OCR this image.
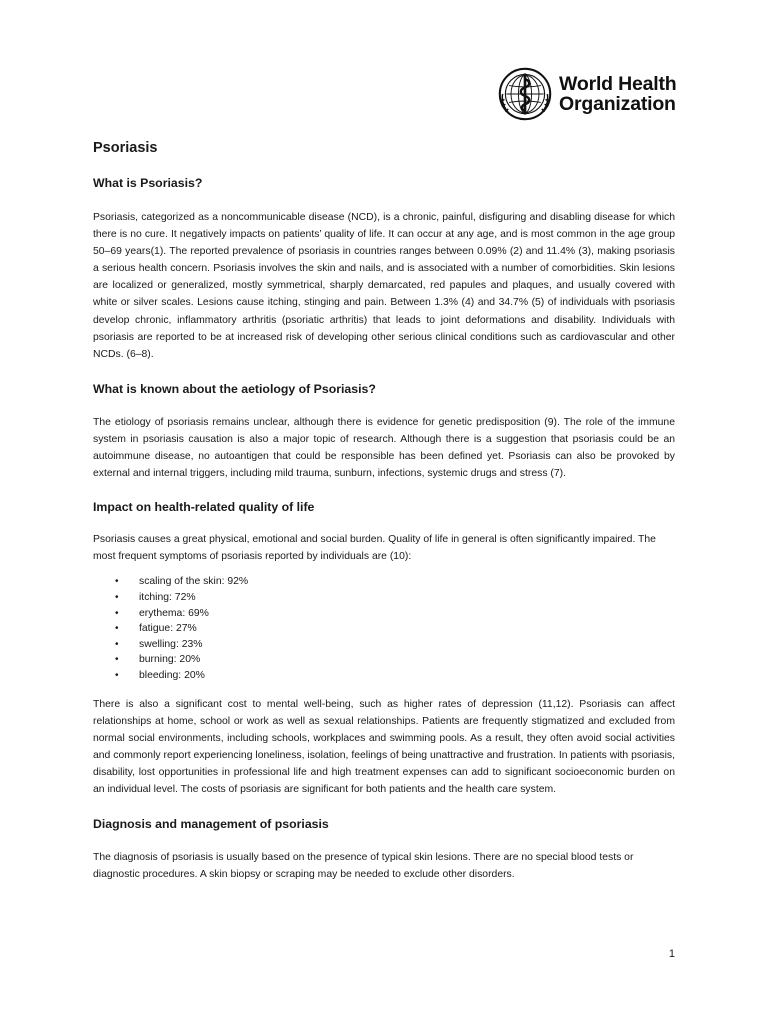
World Health
Organization
Psoriasis
What is Psoriasis?

Psoriasis, categorized as a noncommunicable disease (NCD), is a chronic, painful, disfiguring and disabling disease for which there is no cure. It negatively impacts on patients’ quality of life. It can occur at any age, and is most common in the age group 50–69 years(1). The reported prevalence of psoriasis in countries ranges between 0.09% (2) and 11.4% (3), making psoriasis a serious health concern. Psoriasis involves the skin and nails, and is associated with a number of comorbidities. Skin lesions are localized or generalized, mostly symmetrical, sharply demarcated, red papules and plaques, and usually covered with white or silver scales. Lesions cause itching, stinging and pain. Between 1.3% (4) and 34.7% (5) of individuals with psoriasis develop chronic, inflammatory arthritis (psoriatic arthritis) that leads to joint deformations and disability. Individuals with psoriasis are reported to be at increased risk of developing other serious clinical conditions such as cardiovascular and other NCDs. (6–8).

What is known about the aetiology of Psoriasis?

The etiology of psoriasis remains unclear, although there is evidence for genetic predisposition (9). The role of the immune system in psoriasis causation is also a major topic of research. Although there is a suggestion that psoriasis could be an autoimmune disease, no autoantigen that could be responsible has been defined yet. Psoriasis can also be provoked by external and internal triggers, including mild trauma, sunburn, infections, systemic drugs and stress (7).

Impact on health-related quality of life

Psoriasis causes a great physical, emotional and social burden. Quality of life in general is often significantly impaired. The most frequent symptoms of psoriasis reported by individuals are (10):

• scaling of the skin: 92%
• itching: 72%
• erythema: 69%
• fatigue: 27%
• swelling: 23%
• burning: 20%
• bleeding: 20%

There is also a significant cost to mental well-being, such as higher rates of depression (11,12). Psoriasis can affect relationships at home, school or work as well as sexual relationships. Patients are frequently stigmatized and excluded from normal social environments, including schools, workplaces and swimming pools. As a result, they often avoid social activities and commonly report experiencing loneliness, isolation, feelings of being unattractive and frustration. In patients with psoriasis, disability, lost opportunities in professional life and high treatment expenses can add to significant socioeconomic burden on an individual level. The costs of psoriasis are significant for both patients and the health care system.

Diagnosis and management of psoriasis

The diagnosis of psoriasis is usually based on the presence of typical skin lesions. There are no special blood tests or diagnostic procedures. A skin biopsy or scraping may be needed to exclude other disorders.

1
